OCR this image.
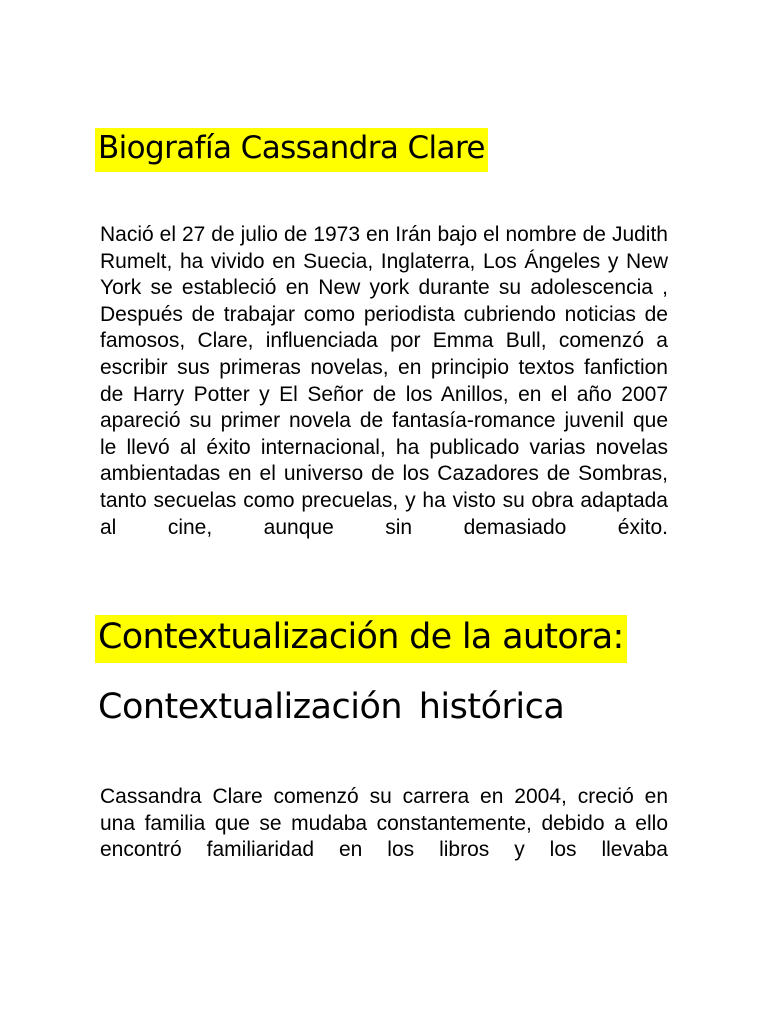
Biografía Cassandra Clare

Nació el 27 de julio de 1973 en Irán bajo el nombre de Judith Rumelt, ha vivido en Suecia, Inglaterra, Los Ángeles y New York se estableció en New york durante su adolescencia , Después de trabajar como periodista cubriendo noticias de famosos, Clare, influenciada por Emma Bull, comenzó a escribir sus primeras novelas, en principio textos fanfiction de Harry Potter y El Señor de los Anillos, en el año 2007 apareció su primer novela de fantasía-romance juvenil que le llevó al éxito internacional, ha publicado varias novelas ambientadas en el universo de los Cazadores de Sombras, tanto secuelas como precuelas, y ha visto su obra adaptada al cine, aunque sin demasiado éxito.

Contextualización de la autora:
Contextualización histórica

Cassandra Clare comenzó su carrera en 2004, creció en una familia que se mudaba constantemente, debido a ello encontró familiaridad en los libros y los llevaba
